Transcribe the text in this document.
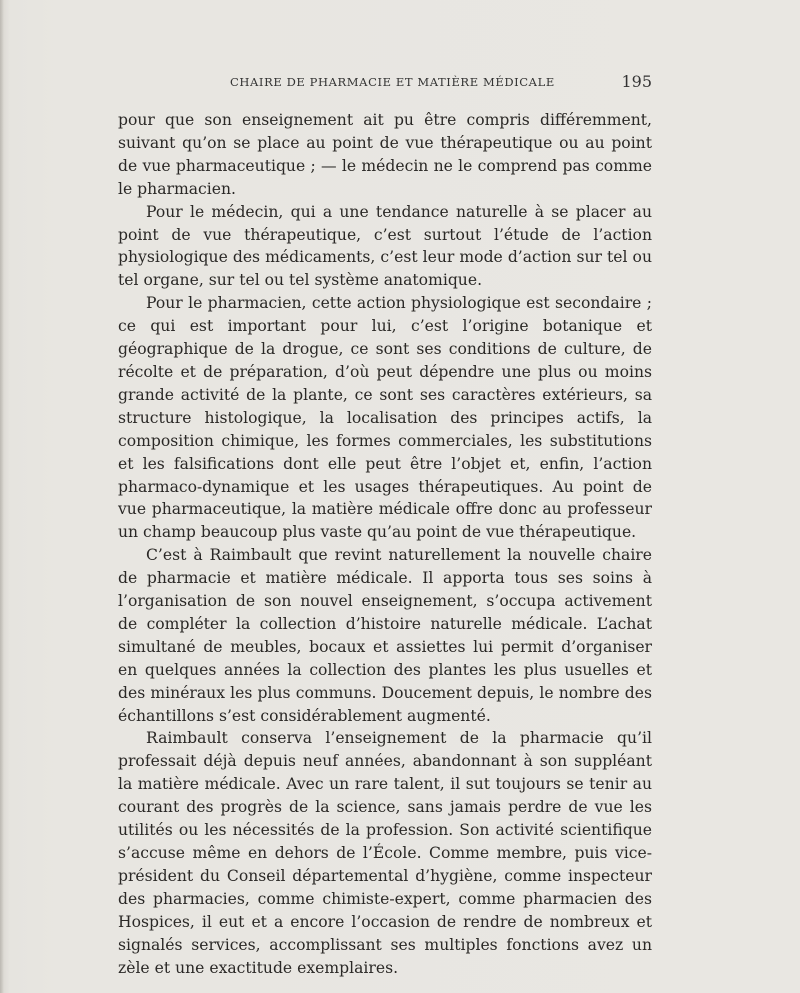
CHAIRE DE PHARMACIE ET MATIÈRE MÉDICALE	195

pour que son enseignement ait pu être compris différemment, suivant qu’on se place au point de vue thérapeutique ou au point de vue pharmaceutique ; — le médecin ne le comprend pas comme le pharmacien.

Pour le médecin, qui a une tendance naturelle à se placer au point de vue thérapeutique, c’est surtout l’étude de l’action physiologique des médicaments, c’est leur mode d’action sur tel ou tel organe, sur tel ou tel système anatomique.

Pour le pharmacien, cette action physiologique est secondaire ; ce qui est important pour lui, c’est l’origine botanique et géographique de la drogue, ce sont ses conditions de culture, de récolte et de préparation, d’où peut dépendre une plus ou moins grande activité de la plante, ce sont ses caractères extérieurs, sa structure histologique, la localisation des principes actifs, la composition chimique, les formes commerciales, les substitutions et les falsifications dont elle peut être l’objet et, enfin, l’action pharmaco-dynamique et les usages thérapeutiques. Au point de vue pharmaceutique, la matière médicale offre donc au professeur un champ beaucoup plus vaste qu’au point de vue thérapeutique.

C’est à Raimbault que revint naturellement la nouvelle chaire de pharmacie et matière médicale. Il apporta tous ses soins à l’organisation de son nouvel enseignement, s’occupa activement de compléter la collection d’histoire naturelle médicale. L’achat simultané de meubles, bocaux et assiettes lui permit d’organiser en quelques années la collection des plantes les plus usuelles et des minéraux les plus communs. Doucement depuis, le nombre des échantillons s’est considérablement augmenté.

Raimbault conserva l’enseignement de la pharmacie qu’il professait déjà depuis neuf années, abandonnant à son suppléant la matière médicale. Avec un rare talent, il sut toujours se tenir au courant des progrès de la science, sans jamais perdre de vue les utilités ou les nécessités de la profession. Son activité scientifique s’accuse même en dehors de l’École. Comme membre, puis vice-président du Conseil départemental d’hygiène, comme inspecteur des pharmacies, comme chimiste-expert, comme pharmacien des Hospices, il eut et a encore l’occasion de rendre de nombreux et signalés services, accomplissant ses multiples fonctions avez un zèle et une exactitude exemplaires.
